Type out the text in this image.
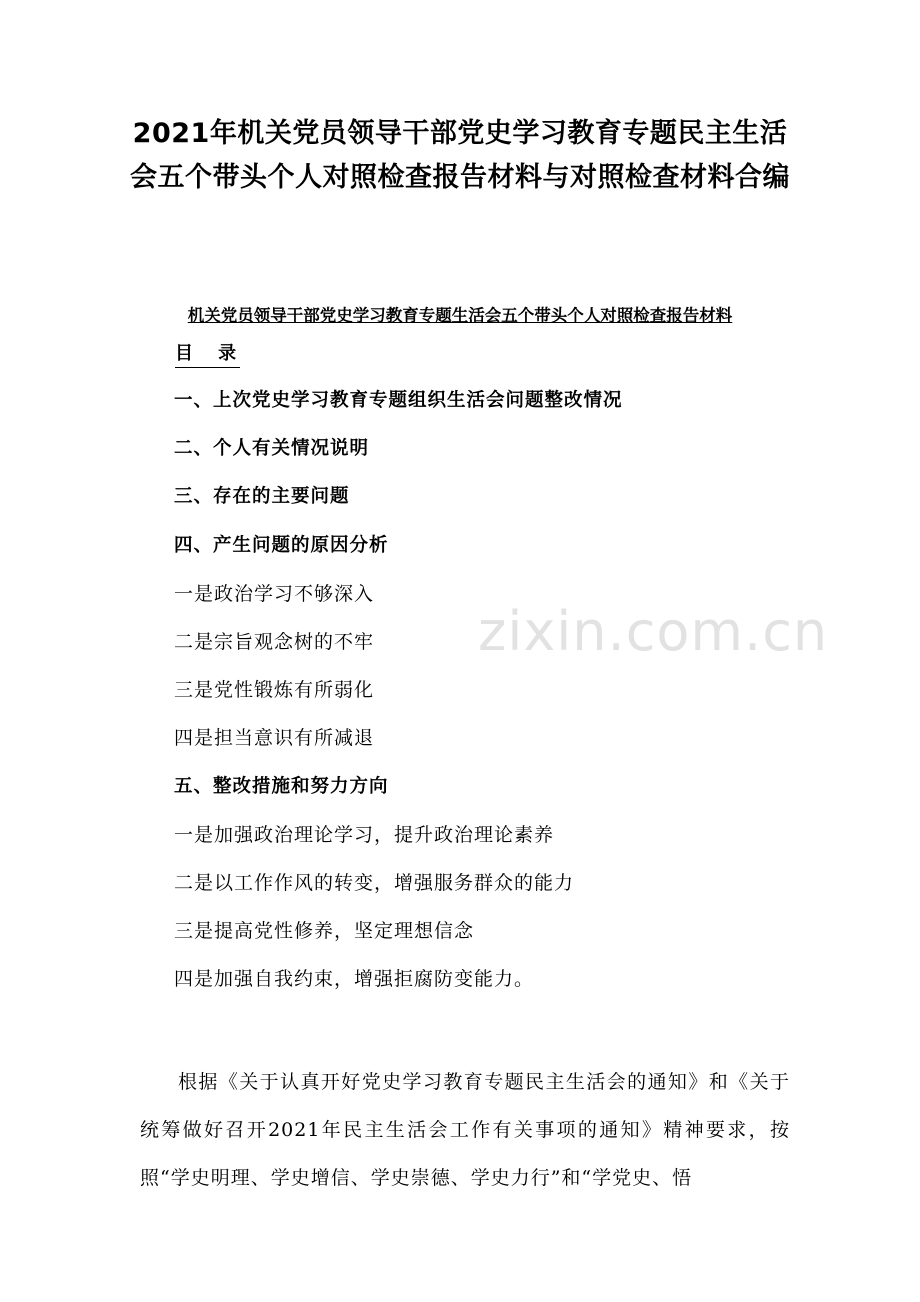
2021年机关党员领导干部党史学习教育专题民主生活会五个带头个人对照检查报告材料与对照检查材料合编

机关党员领导干部党史学习教育专题生活会五个带头个人对照检查报告材料

目    录

一、上次党史学习教育专题组织生活会问题整改情况
二、个人有关情况说明
三、存在的主要问题
四、产生问题的原因分析
一是政治学习不够深入
二是宗旨观念树的不牢
三是党性锻炼有所弱化
四是担当意识有所减退
五、整改措施和努力方向
一是加强政治理论学习，提升政治理论素养
二是以工作作风的转变，增强服务群众的能力
三是提高党性修养，坚定理想信念
四是加强自我约束，增强拒腐防变能力。

根据《关于认真开好党史学习教育专题民主生活会的通知》和《关于统筹做好召开2021年民主生活会工作有关事项的通知》精神要求，按照“学史明理、学史增信、学史崇德、学史力行”和“学党史、悟

zixin.com.cn
